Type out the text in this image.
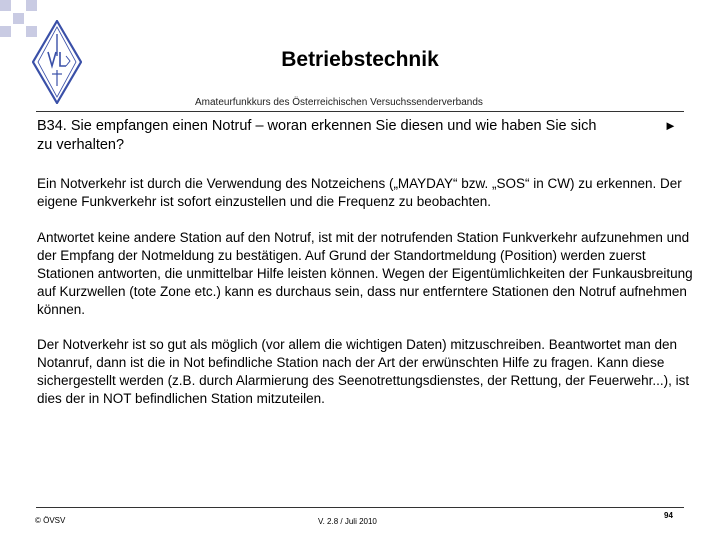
Betriebstechnik
Amateurfunkkurs des Österreichischen Versuchssenderverbands
B34. Sie empfangen einen Notruf – woran erkennen Sie diesen und wie haben Sie sich zu verhalten?
►
Ein Notverkehr ist durch die Verwendung des Notzeichens („MAYDAY“ bzw. „SOS“ in CW) zu erkennen. Der eigene Funkverkehr ist sofort einzustellen und die Frequenz zu beobachten.
Antwortet keine andere Station auf den Notruf, ist mit der notrufenden Station Funkverkehr aufzunehmen und der Empfang der Notmeldung zu bestätigen. Auf Grund der Standortmeldung (Position) werden zuerst Stationen antworten, die unmittelbar Hilfe leisten können. Wegen der Eigentümlichkeiten der Funkausbreitung auf Kurzwellen (tote Zone etc.) kann es durchaus sein, dass nur entferntere Stationen den Notruf aufnehmen können.
Der Notverkehr ist so gut als möglich (vor allem die wichtigen Daten) mitzuschreiben. Beantwortet man den Notanruf, dann ist die in Not befindliche Station nach der Art der erwünschten Hilfe zu fragen. Kann diese sichergestellt werden (z.B. durch Alarmierung des Seenotrettungsdienstes, der Rettung, der Feuerwehr...), ist dies der in NOT befindlichen Station mitzuteilen.
© ÖVSV	V. 2.8 / Juli 2010
94
